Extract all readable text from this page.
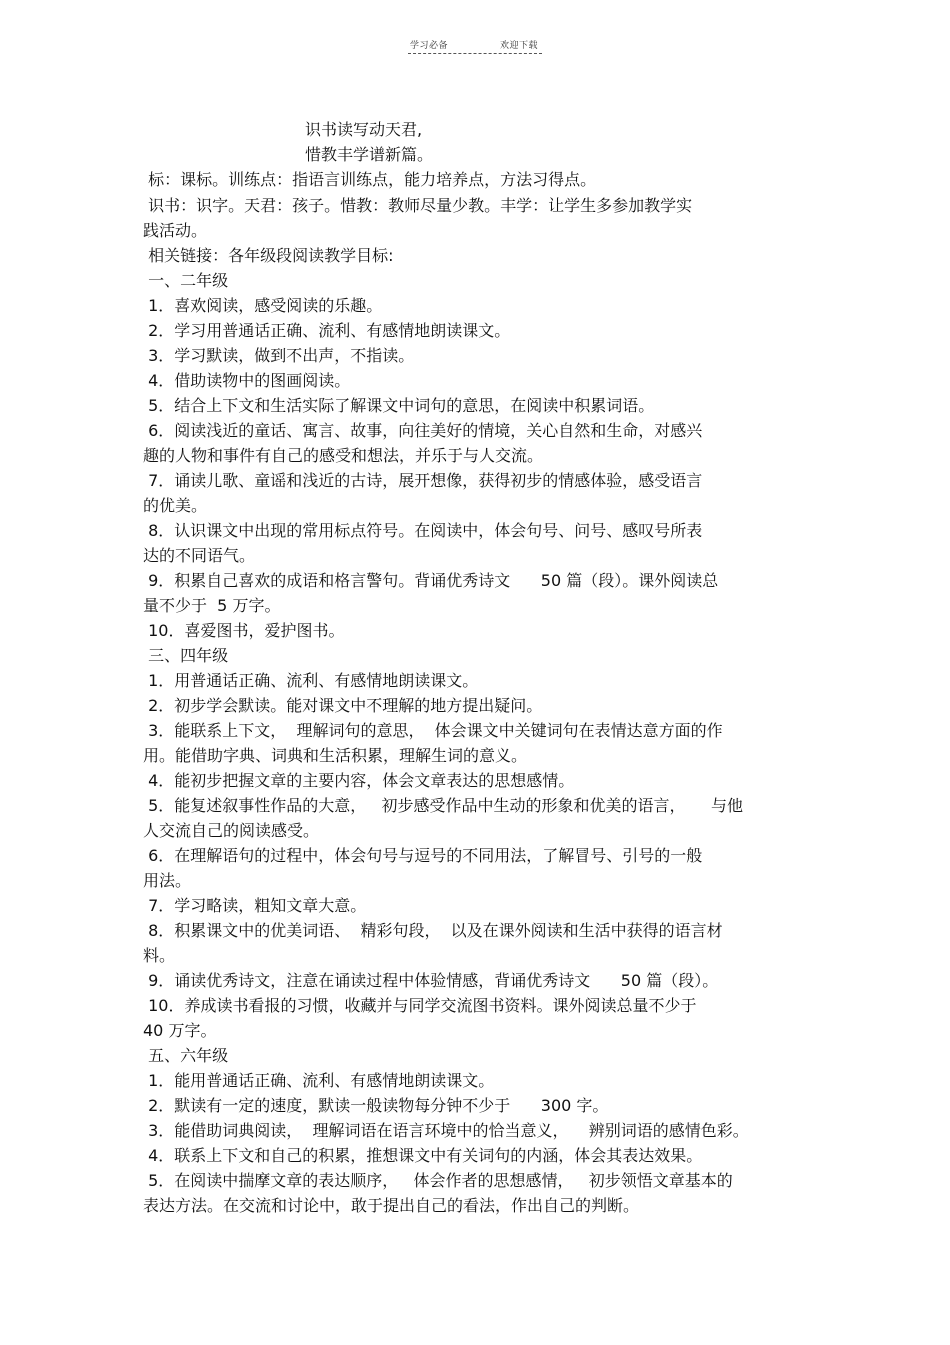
学习必备	欢迎下载
识书读写动天君,
惜教丰学谱新篇。
标：课标。训练点：指语言训练点，能力培养点，方法习得点。
识书：识字。天君：孩子。惜教：教师尽量少教。丰学：让学生多参加教学实
践活动。
相关链接：各年级段阅读教学目标:
一、二年级
1．喜欢阅读，感受阅读的乐趣。
2．学习用普通话正确、流利、有感情地朗读课文。
3．学习默读，做到不出声，不指读。
4．借助读物中的图画阅读。
5．结合上下文和生活实际了解课文中词句的意思，在阅读中积累词语。
6．阅读浅近的童话、寓言、故事，向往美好的情境，关心自然和生命，对感兴
趣的人物和事件有自己的感受和想法，并乐于与人交流。
7．诵读儿歌、童谣和浅近的古诗，展开想像，获得初步的情感体验，感受语言
的优美。
8．认识课文中出现的常用标点符号。在阅读中，体会句号、问号、感叹号所表
达的不同语气。
9．积累自己喜欢的成语和格言警句。背诵优秀诗文      50 篇（段）。课外阅读总
量不少于  5 万字。
10．喜爱图书，爱护图书。
三、四年级
1．用普通话正确、流利、有感情地朗读课文。
2．初步学会默读。能对课文中不理解的地方提出疑问。
3．能联系上下文，  理解词句的意思，  体会课文中关键词句在表情达意方面的作
用。能借助字典、词典和生活积累，理解生词的意义。
4．能初步把握文章的主要内容，体会文章表达的思想感情。
5．能复述叙事性作品的大意，   初步感受作品中生动的形象和优美的语言，     与他
人交流自己的阅读感受。
6．在理解语句的过程中，体会句号与逗号的不同用法，了解冒号、引号的一般
用法。
7．学习略读，粗知文章大意。
8．积累课文中的优美词语、  精彩句段，  以及在课外阅读和生活中获得的语言材
料。
9．诵读优秀诗文，注意在诵读过程中体验情感，背诵优秀诗文      50 篇（段）。
10．养成读书看报的习惯，收藏并与同学交流图书资料。课外阅读总量不少于
40 万字。
五、六年级
1．能用普通话正确、流利、有感情地朗读课文。
2．默读有一定的速度，默读一般读物每分钟不少于      300 字。
3．能借助词典阅读，  理解词语在语言环境中的恰当意义，    辨别词语的感情色彩。
4．联系上下文和自己的积累，推想课文中有关词句的内涵，体会其表达效果。
5．在阅读中揣摩文章的表达顺序，   体会作者的思想感情，   初步领悟文章基本的
表达方法。在交流和讨论中，敢于提出自己的看法，作出自己的判断。
